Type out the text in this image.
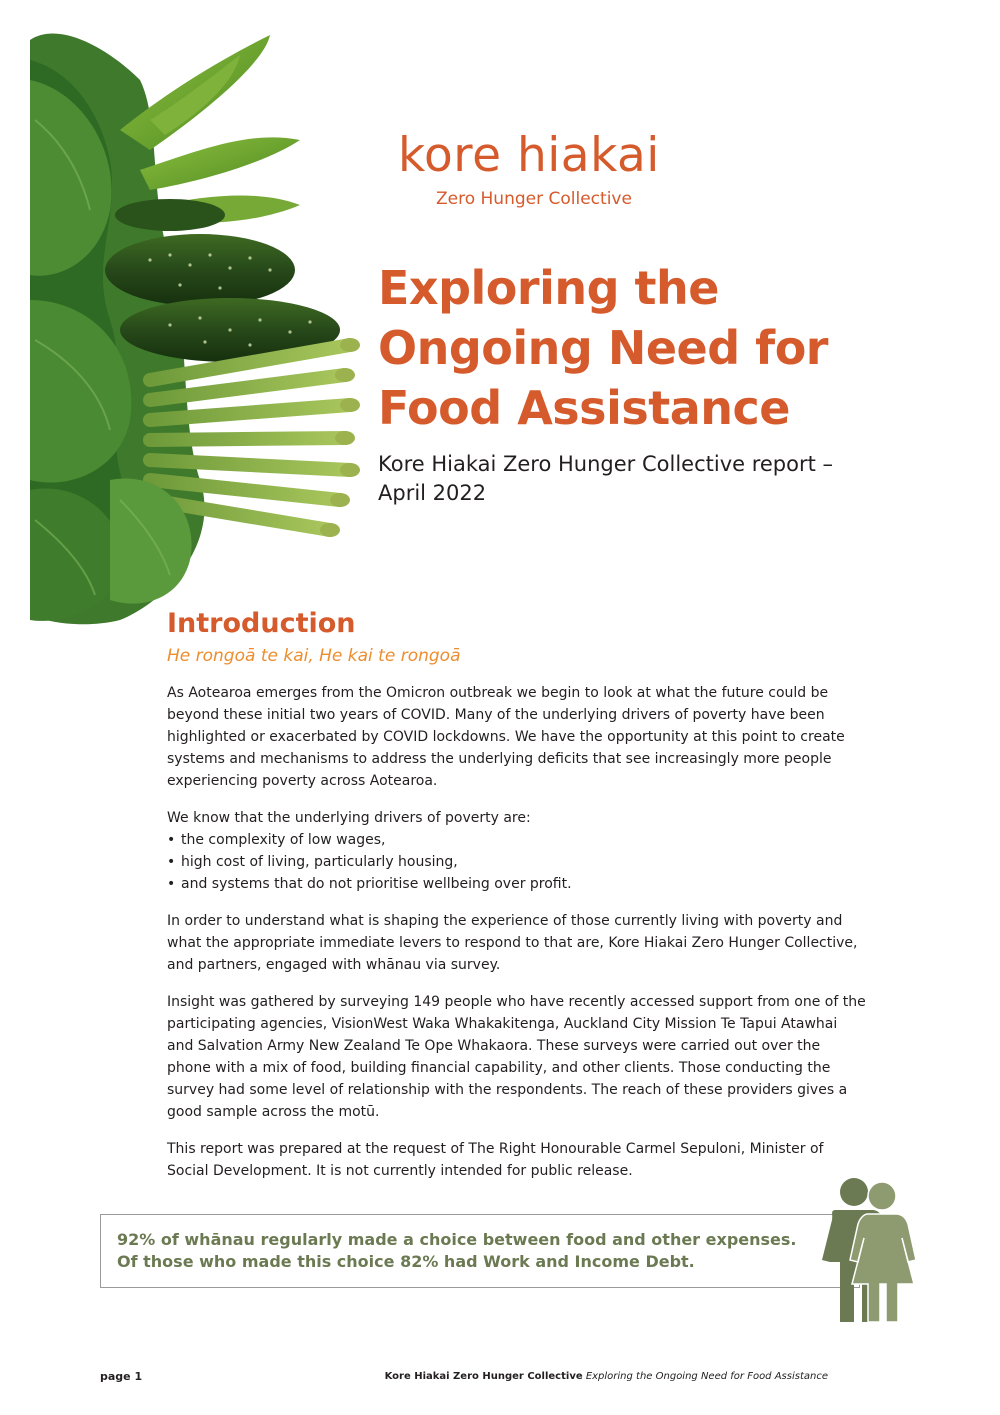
kore hiakai
Zero Hunger Collective
Exploring the Ongoing Need for Food Assistance

Kore Hiakai Zero Hunger Collective report – April 2022

Introduction

He rongoā te kai, He kai te rongoā

As Aotearoa emerges from the Omicron outbreak we begin to look at what the future could be beyond these initial two years of COVID. Many of the underlying drivers of poverty have been highlighted or exacerbated by COVID lockdowns. We have the opportunity at this point to create systems and mechanisms to address the underlying deficits that see increasingly more people experiencing poverty across Aotearoa.

We know that the underlying drivers of poverty are:

• the complexity of low wages,
• high cost of living, particularly housing,
• and systems that do not prioritise wellbeing over profit.

In order to understand what is shaping the experience of those currently living with poverty and what the appropriate immediate levers to respond to that are, Kore Hiakai Zero Hunger Collective, and partners, engaged with whānau via survey.

Insight was gathered by surveying 149 people who have recently accessed support from one of the participating agencies, VisionWest Waka Whakakitenga, Auckland City Mission Te Tapui Atawhai and Salvation Army New Zealand Te Ope Whakaora. These surveys were carried out over the phone with a mix of food, building financial capability, and other clients. Those conducting the survey had some level of relationship with the respondents. The reach of these providers gives a good sample across the motū.

This report was prepared at the request of The Right Honourable Carmel Sepuloni, Minister of Social Development. It is not currently intended for public release.

92% of whānau regularly made a choice between food and other expenses. Of those who made this choice 82% had Work and Income Debt.

page 1	Kore Hiakai Zero Hunger Collective Exploring the Ongoing Need for Food Assistance
